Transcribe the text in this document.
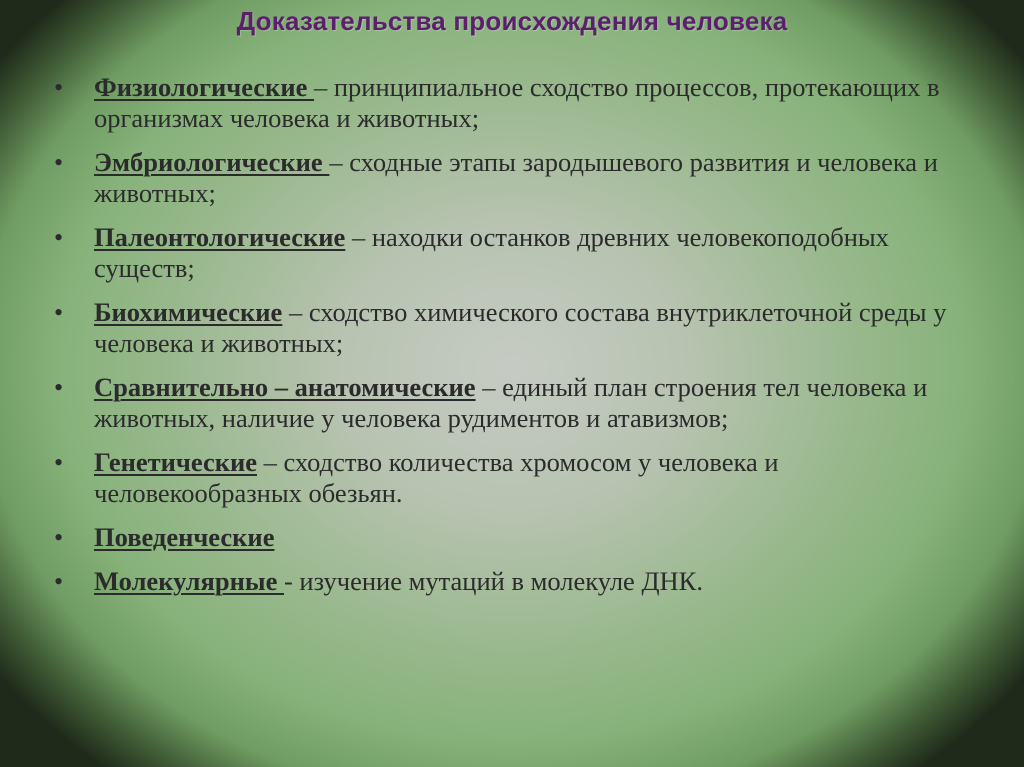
Доказательства происхождения человека
•	Физиологические – принципиальное сходство процессов, протекающих в организмах человека и животных;
•	Эмбриологические – сходные этапы зародышевого развития и человека и животных;
•	Палеонтологические – находки останков древних человекоподобных существ;
•	Биохимические – сходство химического состава внутриклеточной среды у человека и животных;
•	Сравнительно – анатомические – единый план строения тел человека и животных, наличие у человека рудиментов и атавизмов;
•	Генетические – сходство количества хромосом у человека и человекообразных обезьян.
•	Поведенческие
•	Молекулярные - изучение мутаций в молекуле ДНК.
